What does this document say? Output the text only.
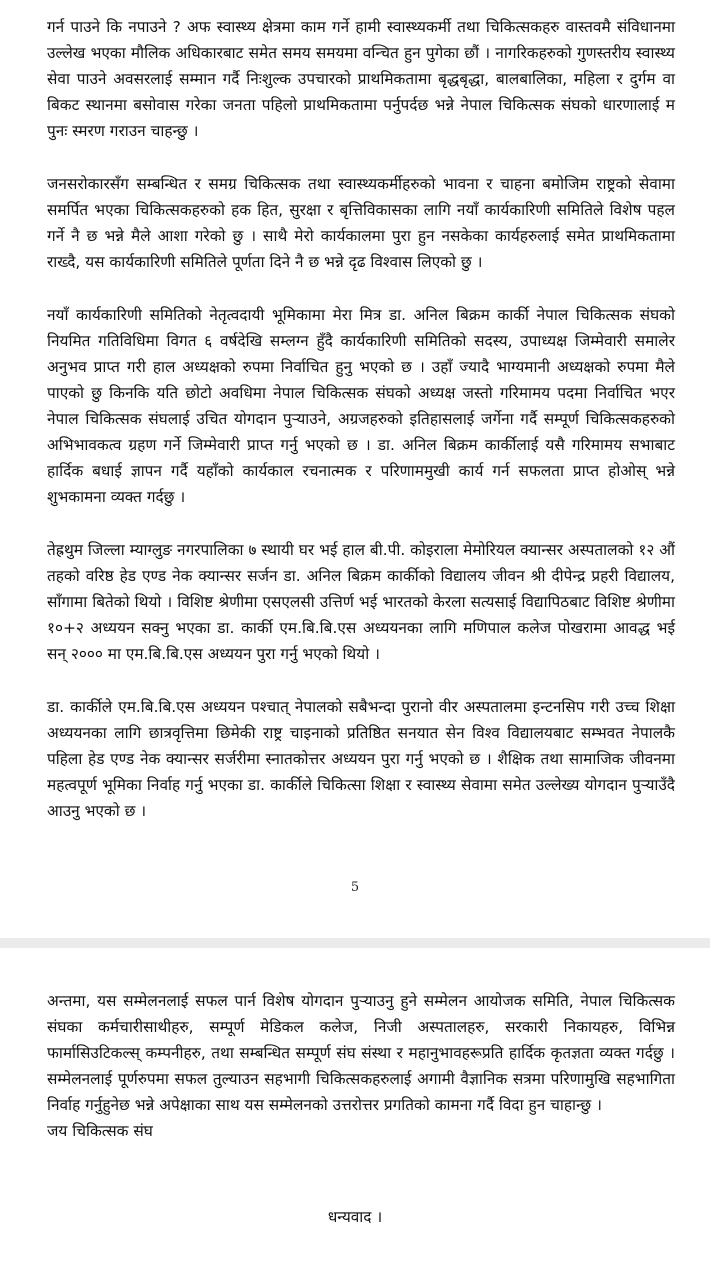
गर्न पाउने कि नपाउने ? अफ स्वास्थ्य क्षेत्रमा काम गर्ने हामी स्वास्थ्यकर्मी तथा चिकित्सकहरु वास्तवमै संविधानमा उल्लेख भएका मौलिक अधिकारबाट समेत समय समयमा वन्चित हुन पुगेका छौं । नागरिकहरुको गुणस्तरीय स्वास्थ्य सेवा पाउने अवसरलाई सम्मान गर्दै निःशुल्क उपचारको प्राथमिकतामा बृद्धबृद्धा, बालबालिका, महिला र दुर्गम वा बिकट स्थानमा बसोवास गरेका जनता पहिलो प्राथमिकतामा पर्नुपर्दछ भन्ने नेपाल चिकित्सक संघको धारणालाई म पुनः स्मरण गराउन चाहन्छु ।

जनसरोकारसँग सम्बन्धित र समग्र चिकित्सक तथा स्वास्थ्यकर्मीहरुको भावना र चाहना बमोजिम राष्ट्रको सेवामा समर्पित भएका चिकित्सकहरुको हक हित, सुरक्षा र बृत्तिविकासका लागि नयाँ कार्यकारिणी समितिले विशेष पहल गर्ने नै छ भन्ने मैले आशा गरेको छु । साथै मेरो कार्यकालमा पुरा हुन नसकेका कार्यहरुलाई समेत प्राथमिकतामा राख्दै, यस कार्यकारिणी समितिले पूर्णता दिने नै छ भन्ने दृढ विश्वास लिएको छु ।

नयाँ कार्यकारिणी समितिको नेतृत्वदायी भूमिकामा मेरा मित्र डा. अनिल बिक्रम कार्की नेपाल चिकित्सक संघको नियमित गतिविधिमा विगत ६ वर्षदेखि सम्लग्न हुँदै कार्यकारिणी समितिको सदस्य, उपाध्यक्ष जिम्मेवारी समालेर अनुभव प्राप्त गरी हाल अध्यक्षको रुपमा निर्वाचित हुनु भएको छ । उहाँ ज्यादै भाग्यमानी अध्यक्षको रुपमा मैले पाएको छु किनकि यति छोटो अवधिमा नेपाल चिकित्सक संघको अध्यक्ष जस्तो गरिमामय पदमा निर्वाचित भएर नेपाल चिकित्सक संघलाई उचित योगदान पुऱ्याउने, अग्रजहरुको इतिहासलाई जर्गेना गर्दै सम्पूर्ण चिकित्सकहरुको अभिभावकत्व ग्रहण गर्ने जिम्मेवारी प्राप्त गर्नु भएको छ । डा. अनिल बिक्रम कार्कीलाई यसै गरिमामय सभाबाट हार्दिक बधाई ज्ञापन गर्दै यहाँको कार्यकाल रचनात्मक र परिणाममुखी कार्य गर्न सफलता प्राप्त होओस् भन्ने शुभकामना व्यक्त गर्दछु ।

तेह्रथुम जिल्ला म्याग्लुङ नगरपालिका ७ स्थायी घर भई हाल बी.पी. कोइराला मेमोरियल क्यान्सर अस्पतालको १२ औं तहको वरिष्ठ हेड एण्ड नेक क्यान्सर सर्जन डा. अनिल बिक्रम कार्कीको विद्यालय जीवन श्री दीपेन्द्र प्रहरी विद्यालय, साँगामा बितेको थियो । विशिष्ट श्रेणीमा एसएलसी उत्तिर्ण भई भारतको केरला सत्यसाई विद्यापिठबाट विशिष्ट श्रेणीमा १०+२ अध्ययन सक्नु भएका डा. कार्की एम.बि.बि.एस अध्ययनका लागि मणिपाल कलेज पोखरामा आवद्ध भई सन् २००० मा एम.बि.बि.एस अध्ययन पुरा गर्नु भएको थियो ।

डा. कार्कीले एम.बि.बि.एस अध्ययन पश्चात् नेपालको सबैभन्दा पुरानो वीर अस्पतालमा इन्टनसिप गरी उच्च शिक्षा अध्ययनका लागि छात्रवृत्तिमा छिमेकी राष्ट्र चाइनाको प्रतिष्ठित सनयात सेन विश्व विद्यालयबाट सम्भवत नेपालकै पहिला हेड एण्ड नेक क्यान्सर सर्जरीमा स्नातकोत्तर अध्ययन पुरा गर्नु भएको छ । शैक्षिक तथा सामाजिक जीवनमा महत्वपूर्ण भूमिका निर्वाह गर्नु भएका डा. कार्कीले चिकित्सा शिक्षा र स्वास्थ्य सेवामा समेत उल्लेख्य योगदान पुऱ्याउँदै आउनु भएको छ ।

5

अन्तमा, यस सम्मेलनलाई सफल पार्न विशेष योगदान पुऱ्याउनु हुने सम्मेलन आयोजक समिति, नेपाल चिकित्सक संघका कर्मचारीसाथीहरु, सम्पूर्ण मेडिकल कलेज, निजी अस्पतालहरु, सरकारी निकायहरु, विभिन्न फार्मासिउटिकल्स् कम्पनीहरु, तथा सम्बन्धित सम्पूर्ण संघ संस्था र महानुभावहरूप्रति हार्दिक कृतज्ञता व्यक्त गर्दछु । सम्मेलनलाई पूर्णरुपमा सफल तुल्याउन सहभागी चिकित्सकहरुलाई अगामी वैज्ञानिक सत्रमा परिणामुखि सहभागिता निर्वाह गर्नुहुनेछ भन्ने अपेक्षाका साथ यस सम्मेलनको उत्तरोत्तर प्रगतिको कामना गर्दै विदा हुन चाहान्छु ।

जय चिकित्सक संघ

धन्यवाद ।
